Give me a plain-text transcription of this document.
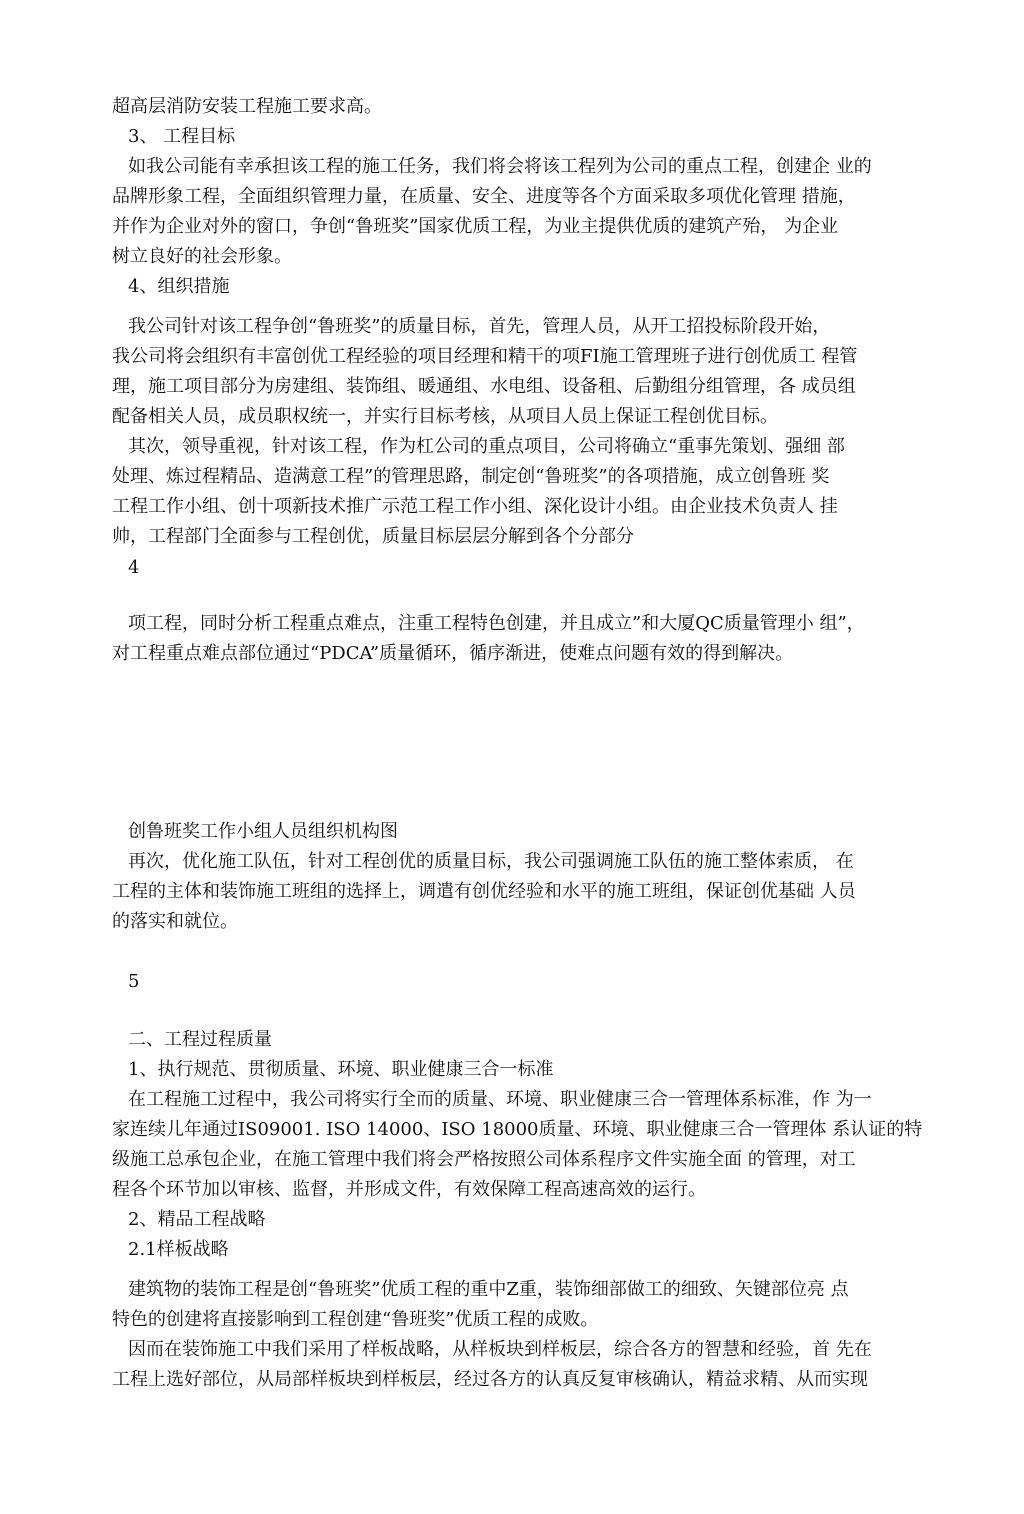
超高层消防安装工程施工要求高。

3、 工程目标

如我公司能有幸承担该工程的施工任务，我们将会将该工程列为公司的重点工程，创建企 业的

品牌形象工程，全面组织管理力量，在质量、安全、进度等各个方面采取多项优化管理 措施，

并作为企业对外的窗口，争创“鲁班奖”国家优质工程，为业主提供优质的建筑产殆， 为企业

树立良好的社会形象。

4、组织措施

我公司针对该工程争创“鲁班奖”的质量目标，首先，管理人员，从开工招投标阶段开始，

我公司将会组织有丰富创优工程经验的项目经理和精干的项FI施工管理班子进行创优质工 程管

理，施工项目部分为房建组、装饰组、暖通组、水电组、设备租、后勤组分组管理，各 成员组

配备相关人员，成员职权统一，并实行目标考核，从项目人员上保证工程创优目标。

其次，领导重视，针对该工程，作为杠公司的重点项目，公司将确立“重事先策划、强细 部

处理、炼过程精品、造满意工程”的管理思路，制定创“鲁班奖”的各项措施，成立创鲁班 奖

工程工作小组、创十项新技术推广示范工程工作小组、深化设计小组。由企业技术负责人 挂

帅，工程部门全面参与工程创优，质量目标层层分解到各个分部分

4

项工程，同时分析工程重点难点，注重工程特色创建，并且成立”和大厦QC质量管理小 组”，

对工程重点难点部位通过“PDCA”质量循环，循序渐进，使难点问题有效的得到解决。

创鲁班奖工作小组人员组织机构图

再次，优化施工队伍，针对工程创优的质量目标，我公司强调施工队伍的施工整体索质， 在

工程的主体和装饰施工班组的选择上，调遣有创优经验和水平的施工班组，保证创优基础 人员

的落实和就位。

5

二、工程过程质量

1、执行规范、贯彻质量、环境、职业健康三合一标准

在工程施工过程中，我公司将实行全而的质量、环境、职业健康三合一管理体系标准，作 为一

家连续儿年通过IS09001. ISO 14000、ISO 18000质量、环境、职业健康三合一管理体 系认证的特

级施工总承包企业，在施工管理中我们将会严格按照公司体系程序文件实施全面 的管理，对工

程各个环节加以审核、监督，并形成文件，有效保障工程高速高效的运行。

2、精品工程战略

2.1样板战略

建筑物的装饰工程是创“鲁班奖”优质工程的重中Z重，装饰细部做工的细致、矢键部位亮 点

特色的创建将直接影响到工程创建“鲁班奖”优质工程的成败。

因而在装饰施工中我们采用了样板战略，从样板块到样板层，综合各方的智慧和经验，首 先在

工程上选好部位，从局部样板块到样板层，经过各方的认真反复审核确认，精益求精、从而实现
